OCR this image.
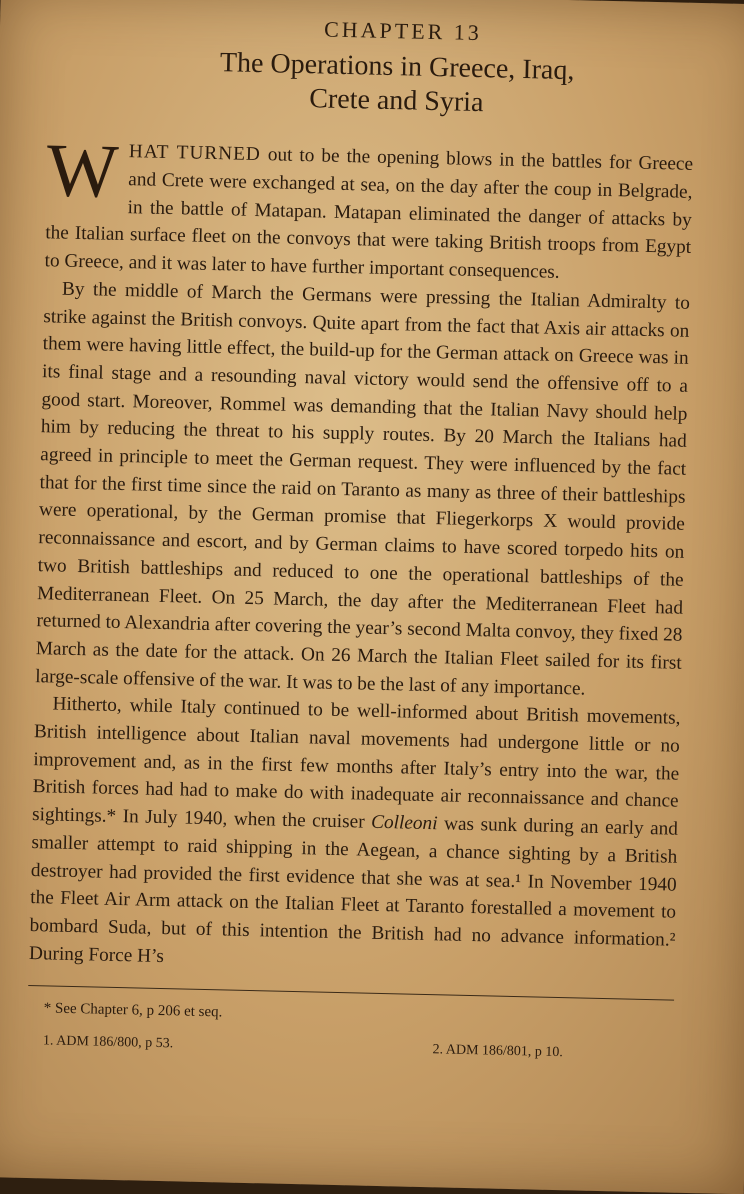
CHAPTER 13
The Operations in Greece, Iraq,
Crete and Syria

WHAT TURNED out to be the opening blows in the battles for Greece and Crete were exchanged at sea, on the day after the coup in Belgrade, in the battle of Matapan. Matapan eliminated the danger of attacks by the Italian surface fleet on the convoys that were taking British troops from Egypt to Greece, and it was later to have further important consequences.

By the middle of March the Germans were pressing the Italian Admiralty to strike against the British convoys. Quite apart from the fact that Axis air attacks on them were having little effect, the build-up for the German attack on Greece was in its final stage and a resounding naval victory would send the offensive off to a good start. Moreover, Rommel was demanding that the Italian Navy should help him by reducing the threat to his supply routes. By 20 March the Italians had agreed in principle to meet the German request. They were influenced by the fact that for the first time since the raid on Taranto as many as three of their battleships were operational, by the German promise that Fliegerkorps X would provide reconnaissance and escort, and by German claims to have scored torpedo hits on two British battleships and reduced to one the operational battleships of the Mediterranean Fleet. On 25 March, the day after the Mediterranean Fleet had returned to Alexandria after covering the year’s second Malta convoy, they fixed 28 March as the date for the attack. On 26 March the Italian Fleet sailed for its first large-scale offensive of the war. It was to be the last of any importance.

Hitherto, while Italy continued to be well-informed about British movements, British intelligence about Italian naval movements had undergone little or no improvement and, as in the first few months after Italy’s entry into the war, the British forces had had to make do with inadequate air reconnaissance and chance sightings.* In July 1940, when the cruiser Colleoni was sunk during an early and smaller attempt to raid shipping in the Aegean, a chance sighting by a British destroyer had provided the first evidence that she was at sea.¹ In November 1940 the Fleet Air Arm attack on the Italian Fleet at Taranto forestalled a movement to bombard Suda, but of this intention the British had no advance information.² During Force H’s

* See Chapter 6, p 206 et seq.
1. ADM 186/800, p 53.	2. ADM 186/801, p 10.
